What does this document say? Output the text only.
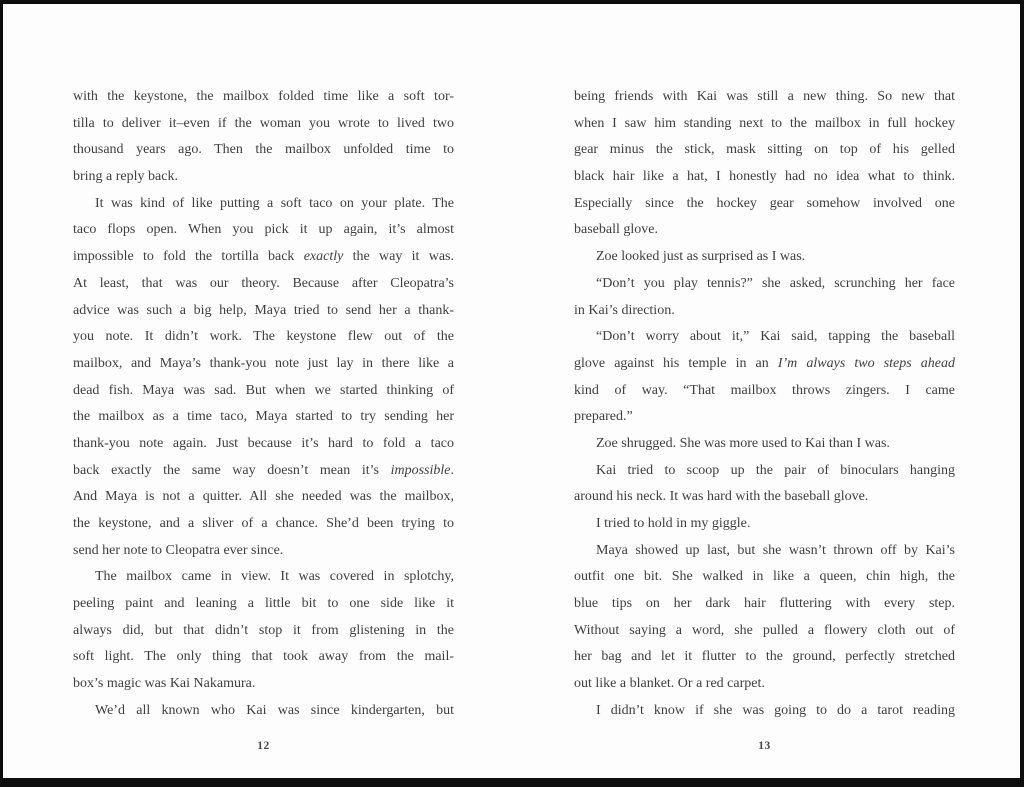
with the keystone, the mailbox folded time like a soft tor-
tilla to deliver it–even if the woman you wrote to lived two
thousand years ago. Then the mailbox unfolded time to
bring a reply back.
It was kind of like putting a soft taco on your plate. The
taco flops open. When you pick it up again, it’s almost
impossible to fold the tortilla back exactly the way it was.
At least, that was our theory. Because after Cleopatra’s
advice was such a big help, Maya tried to send her a thank-
you note. It didn’t work. The keystone flew out of the
mailbox, and Maya’s thank-you note just lay in there like a
dead fish. Maya was sad. But when we started thinking of
the mailbox as a time taco, Maya started to try sending her
thank-you note again. Just because it’s hard to fold a taco
back exactly the same way doesn’t mean it’s impossible.
And Maya is not a quitter. All she needed was the mailbox,
the keystone, and a sliver of a chance. She’d been trying to
send her note to Cleopatra ever since.
The mailbox came in view. It was covered in splotchy,
peeling paint and leaning a little bit to one side like it
always did, but that didn’t stop it from glistening in the
soft light. The only thing that took away from the mail-
box’s magic was Kai Nakamura.
We’d all known who Kai was since kindergarten, but
being friends with Kai was still a new thing. So new that
when I saw him standing next to the mailbox in full hockey
gear minus the stick, mask sitting on top of his gelled
black hair like a hat, I honestly had no idea what to think.
Especially since the hockey gear somehow involved one
baseball glove.
Zoe looked just as surprised as I was.
“Don’t you play tennis?” she asked, scrunching her face
in Kai’s direction.
“Don’t worry about it,” Kai said, tapping the baseball
glove against his temple in an I’m always two steps ahead
kind of way. “That mailbox throws zingers. I came
prepared.”
Zoe shrugged. She was more used to Kai than I was.
Kai tried to scoop up the pair of binoculars hanging
around his neck. It was hard with the baseball glove.
I tried to hold in my giggle.
Maya showed up last, but she wasn’t thrown off by Kai’s
outfit one bit. She walked in like a queen, chin high, the
blue tips on her dark hair fluttering with every step.
Without saying a word, she pulled a flowery cloth out of
her bag and let it flutter to the ground, perfectly stretched
out like a blanket. Or a red carpet.
I didn’t know if she was going to do a tarot reading
12	13
